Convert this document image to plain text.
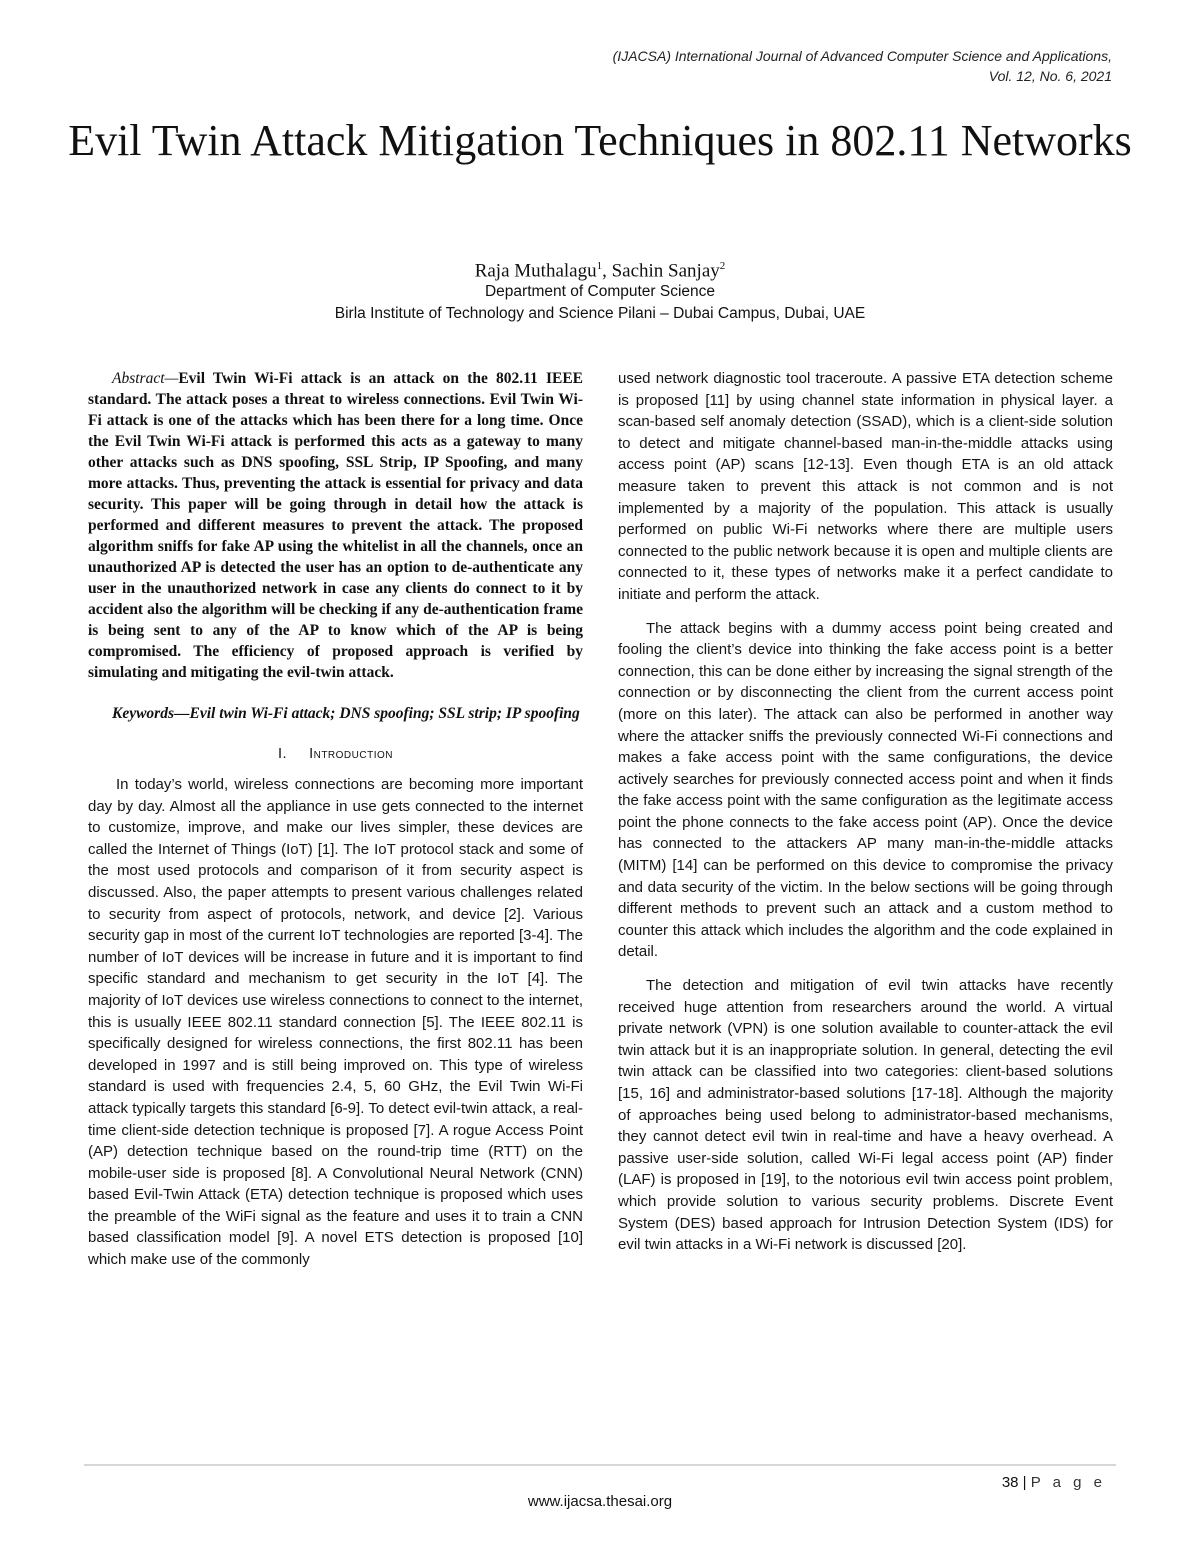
(IJACSA) International Journal of Advanced Computer Science and Applications,
Vol. 12, No. 6, 2021
Evil Twin Attack Mitigation Techniques in 802.11 Networks
Raja Muthalagu$^1$, Sachin Sanjay$^2$
Department of Computer Science
Birla Institute of Technology and Science Pilani – Dubai Campus, Dubai, UAE

Abstract—Evil Twin Wi-Fi attack is an attack on the 802.11 IEEE standard. The attack poses a threat to wireless connections. Evil Twin Wi-Fi attack is one of the attacks which has been there for a long time. Once the Evil Twin Wi-Fi attack is performed this acts as a gateway to many other attacks such as DNS spoofing, SSL Strip, IP Spoofing, and many more attacks. Thus, preventing the attack is essential for privacy and data security. This paper will be going through in detail how the attack is performed and different measures to prevent the attack. The proposed algorithm sniffs for fake AP using the whitelist in all the channels, once an unauthorized AP is detected the user has an option to de-authenticate any user in the unauthorized network in case any clients do connect to it by accident also the algorithm will be checking if any de-authentication frame is being sent to any of the AP to know which of the AP is being compromised. The efficiency of proposed approach is verified by simulating and mitigating the evil-twin attack.

Keywords—Evil twin Wi-Fi attack; DNS spoofing; SSL strip; IP spoofing

I. Introduction

In today’s world, wireless connections are becoming more important day by day. Almost all the appliance in use gets connected to the internet to customize, improve, and make our lives simpler, these devices are called the Internet of Things (IoT) [1]. The IoT protocol stack and some of the most used protocols and comparison of it from security aspect is discussed. Also, the paper attempts to present various challenges related to security from aspect of protocols, network, and device [2]. Various security gap in most of the current IoT technologies are reported [3-4]. The number of IoT devices will be increase in future and it is important to find specific standard and mechanism to get security in the IoT [4]. The majority of IoT devices use wireless connections to connect to the internet, this is usually IEEE 802.11 standard connection [5]. The IEEE 802.11 is specifically designed for wireless connections, the first 802.11 has been developed in 1997 and is still being improved on. This type of wireless standard is used with frequencies 2.4, 5, 60 GHz, the Evil Twin Wi-Fi attack typically targets this standard [6-9]. To detect evil-twin attack, a real-time client-side detection technique is proposed [7]. A rogue Access Point (AP) detection technique based on the round-trip time (RTT) on the mobile-user side is proposed [8]. A Convolutional Neural Network (CNN) based Evil-Twin Attack (ETA) detection technique is proposed which uses the preamble of the WiFi signal as the feature and uses it to train a CNN based classification model [9]. A novel ETS detection is proposed [10] which make use of the commonly

used network diagnostic tool traceroute. A passive ETA detection scheme is proposed [11] by using channel state information in physical layer. a scan-based self anomaly detection (SSAD), which is a client-side solution to detect and mitigate channel-based man-in-the-middle attacks using access point (AP) scans [12-13]. Even though ETA is an old attack measure taken to prevent this attack is not common and is not implemented by a majority of the population. This attack is usually performed on public Wi-Fi networks where there are multiple users connected to the public network because it is open and multiple clients are connected to it, these types of networks make it a perfect candidate to initiate and perform the attack.

The attack begins with a dummy access point being created and fooling the client’s device into thinking the fake access point is a better connection, this can be done either by increasing the signal strength of the connection or by disconnecting the client from the current access point (more on this later). The attack can also be performed in another way where the attacker sniffs the previously connected Wi-Fi connections and makes a fake access point with the same configurations, the device actively searches for previously connected access point and when it finds the fake access point with the same configuration as the legitimate access point the phone connects to the fake access point (AP). Once the device has connected to the attackers AP many man-in-the-middle attacks (MITM) [14] can be performed on this device to compromise the privacy and data security of the victim. In the below sections will be going through different methods to prevent such an attack and a custom method to counter this attack which includes the algorithm and the code explained in detail.

The detection and mitigation of evil twin attacks have recently received huge attention from researchers around the world. A virtual private network (VPN) is one solution available to counter-attack the evil twin attack but it is an inappropriate solution. In general, detecting the evil twin attack can be classified into two categories: client-based solutions [15, 16] and administrator-based solutions [17-18]. Although the majority of approaches being used belong to administrator-based mechanisms, they cannot detect evil twin in real-time and have a heavy overhead. A passive user-side solution, called Wi-Fi legal access point (AP) finder (LAF) is proposed in [19], to the notorious evil twin access point problem, which provide solution to various security problems. Discrete Event System (DES) based approach for Intrusion Detection System (IDS) for evil twin attacks in a Wi-Fi network is discussed [20].

38 | P a g e
www.ijacsa.thesai.org
